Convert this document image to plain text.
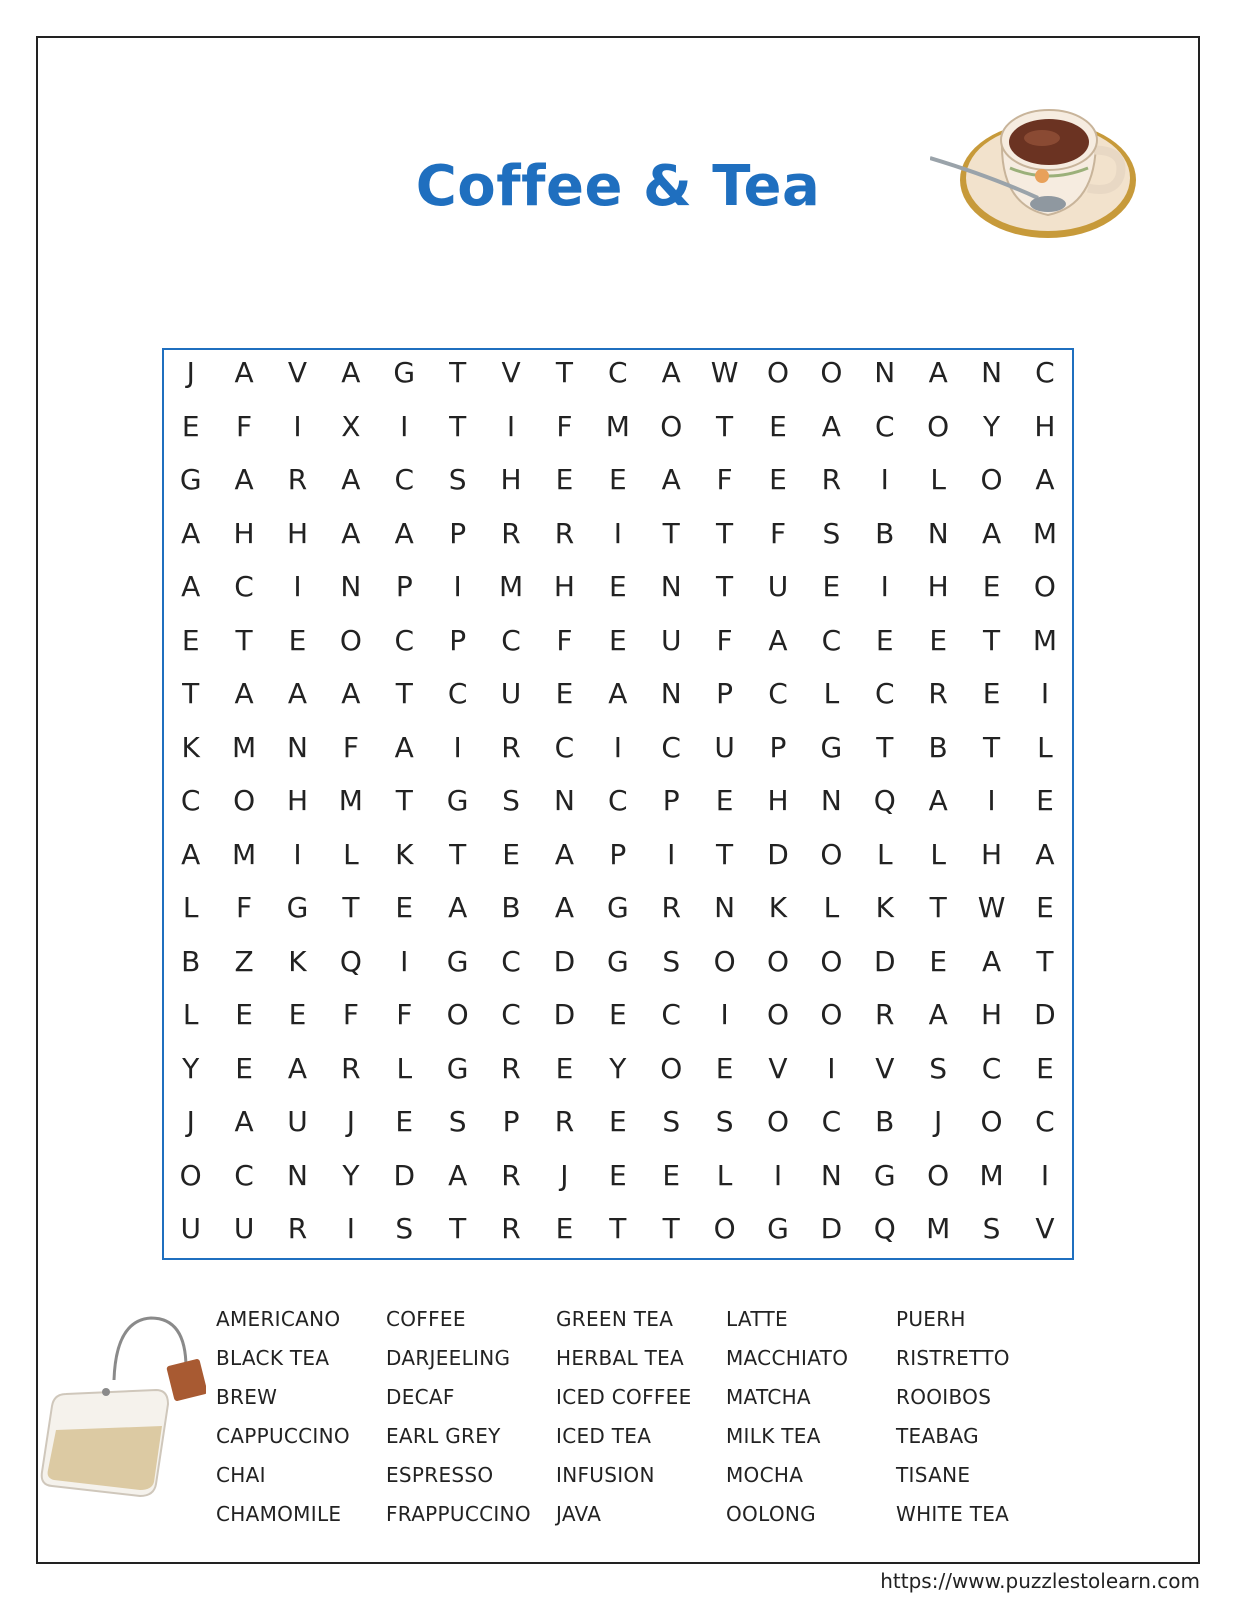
Coffee & Tea
J	A	V	A	G	T	V	T	C	A	W	O	O	N	A	N	C
E	F	I	X	I	T	I	F	M	O	T	E	A	C	O	Y	H
G	A	R	A	C	S	H	E	E	A	F	E	R	I	L	O	A
A	H	H	A	A	P	R	R	I	T	T	F	S	B	N	A	M
A	C	I	N	P	I	M	H	E	N	T	U	E	I	H	E	O
E	T	E	O	C	P	C	F	E	U	F	A	C	E	E	T	M
T	A	A	A	T	C	U	E	A	N	P	C	L	C	R	E	I
K	M	N	F	A	I	R	C	I	C	U	P	G	T	B	T	L
C	O	H	M	T	G	S	N	C	P	E	H	N	Q	A	I	E
A	M	I	L	K	T	E	A	P	I	T	D	O	L	L	H	A
L	F	G	T	E	A	B	A	G	R	N	K	L	K	T	W	E
B	Z	K	Q	I	G	C	D	G	S	O	O	O	D	E	A	T
L	E	E	F	F	O	C	D	E	C	I	O	O	R	A	H	D
Y	E	A	R	L	G	R	E	Y	O	E	V	I	V	S	C	E
J	A	U	J	E	S	P	R	E	S	S	O	C	B	J	O	C
O	C	N	Y	D	A	R	J	E	E	L	I	N	G	O	M	I
U	U	R	I	S	T	R	E	T	T	O	G	D	Q	M	S	V
AMERICANO
BLACK TEA
BREW
CAPPUCCINO
CHAI
CHAMOMILE
COFFEE
DARJEELING
DECAF
EARL GREY
ESPRESSO
FRAPPUCCINO
GREEN TEA
HERBAL TEA
ICED COFFEE
ICED TEA
INFUSION
JAVA
LATTE
MACCHIATO
MATCHA
MILK TEA
MOCHA
OOLONG
PUERH
RISTRETTO
ROOIBOS
TEABAG
TISANE
WHITE TEA
https://www.puzzlestolearn.com
